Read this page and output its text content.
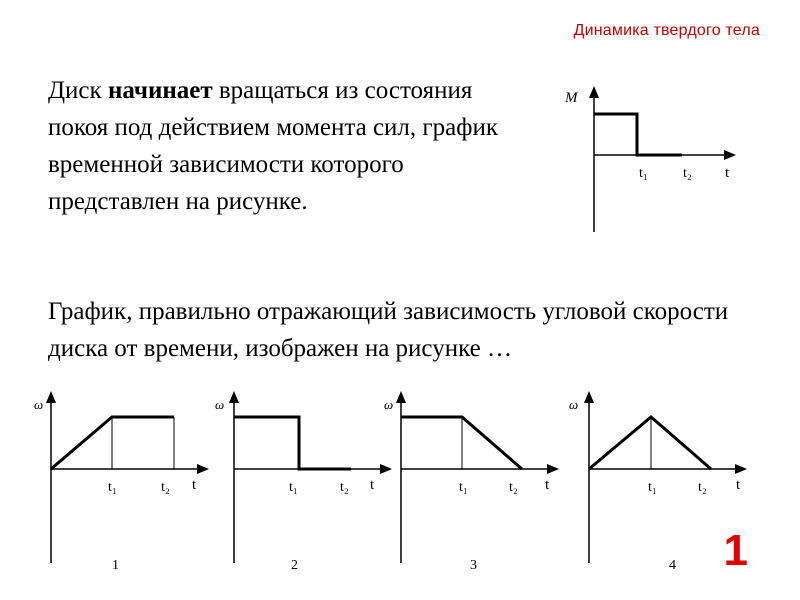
Динамика твердого тела
Диск начинает вращаться из состояния покоя под действием момента сил, график временной зависимости которого представлен на рисунке.
M
t₁	t₂ t
График, правильно отражающий зависимость угловой скорости диска от времени, изображен на рисунке …
ω
t₁	t₂ t
1
ω
t₁	t₂ t
2
ω
t₁	t₂ t
3
ω
t₁	t₂ t
4 1
